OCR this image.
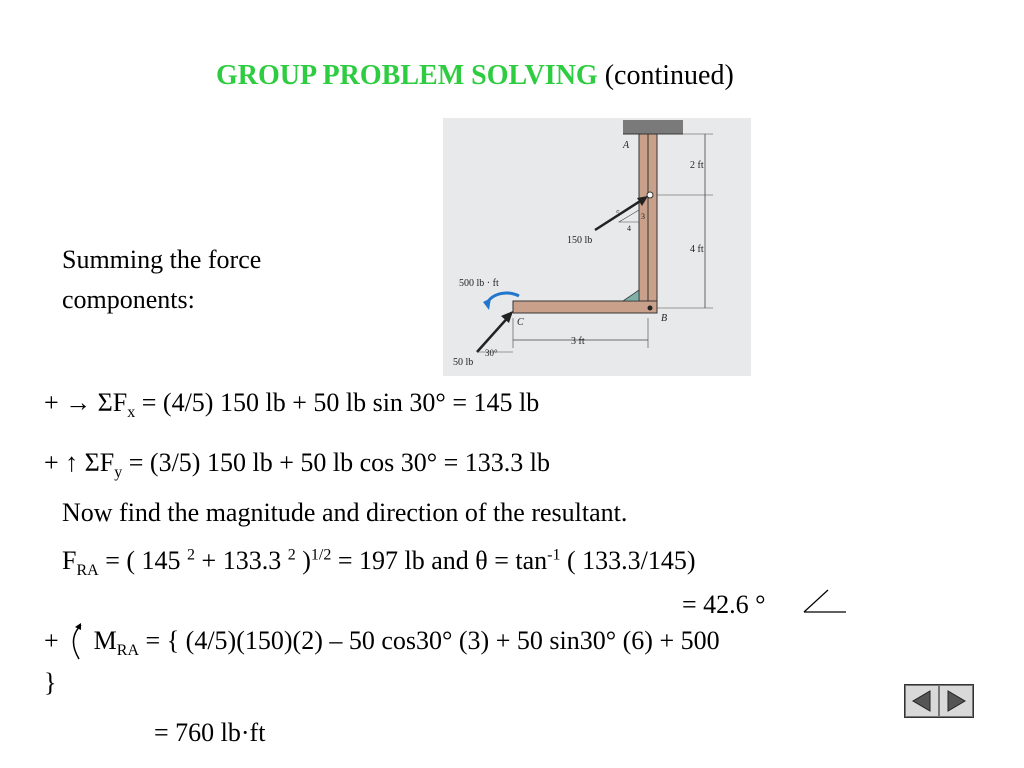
GROUP PROBLEM SOLVING (continued)
Summing the force components:
A
B
C
2 ft
4 ft
3 ft
150 lb
5	3
4
500 lb · ft
50 lb
30°
+ → $\Sigma F_x = (4/5)$ 150 lb + 50 lb sin 30° = 145 lb
+ ↑ $\Sigma F_y = (3/5)$ 150 lb + 50 lb cos 30° = 133.3 lb
Now find the magnitude and direction of the resultant.
$F_{RA}$ = ( 145 $^2$ + 133.3 $^2$ )$^{1/2}$ = 197 lb and $\theta = \tan^{-1}$ ( 133.3/145)
= 42.6 °
+ $M_{RA}$ = { (4/5)(150)(2) – 50 cos30° (3) + 50 sin30° (6) + 500
}
= 760 lb·ft
